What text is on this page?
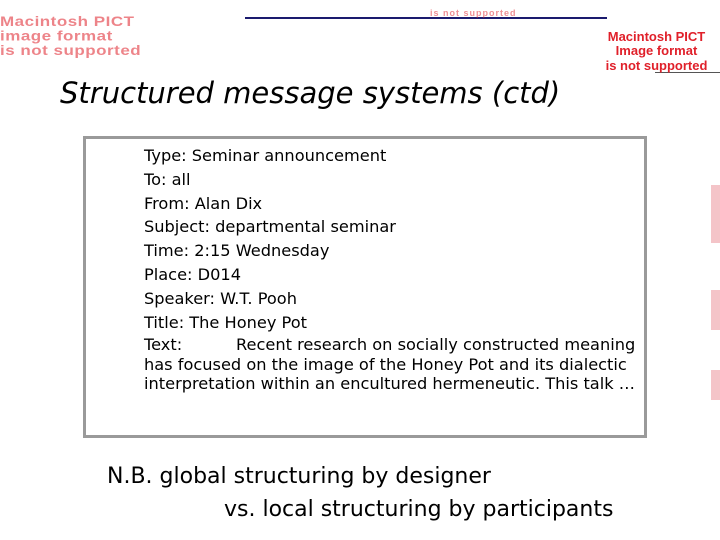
Macintosh PICT
image format
is not supported
is not supported
Macintosh PICT
Image format
is not supported
Structured message systems (ctd)
Type: Seminar announcement
To: all
From: Alan Dix
Subject: departmental seminar
Time: 2:15 Wednesday
Place: D014
Speaker: W.T. Pooh
Title: The Honey Pot
Text:	Recent research on socially constructed meaning has focused on the image of the Honey Pot and its dialectic interpretation within an encultured hermeneutic. This talk …
N.B. global structuring by designer
vs. local structuring by participants
